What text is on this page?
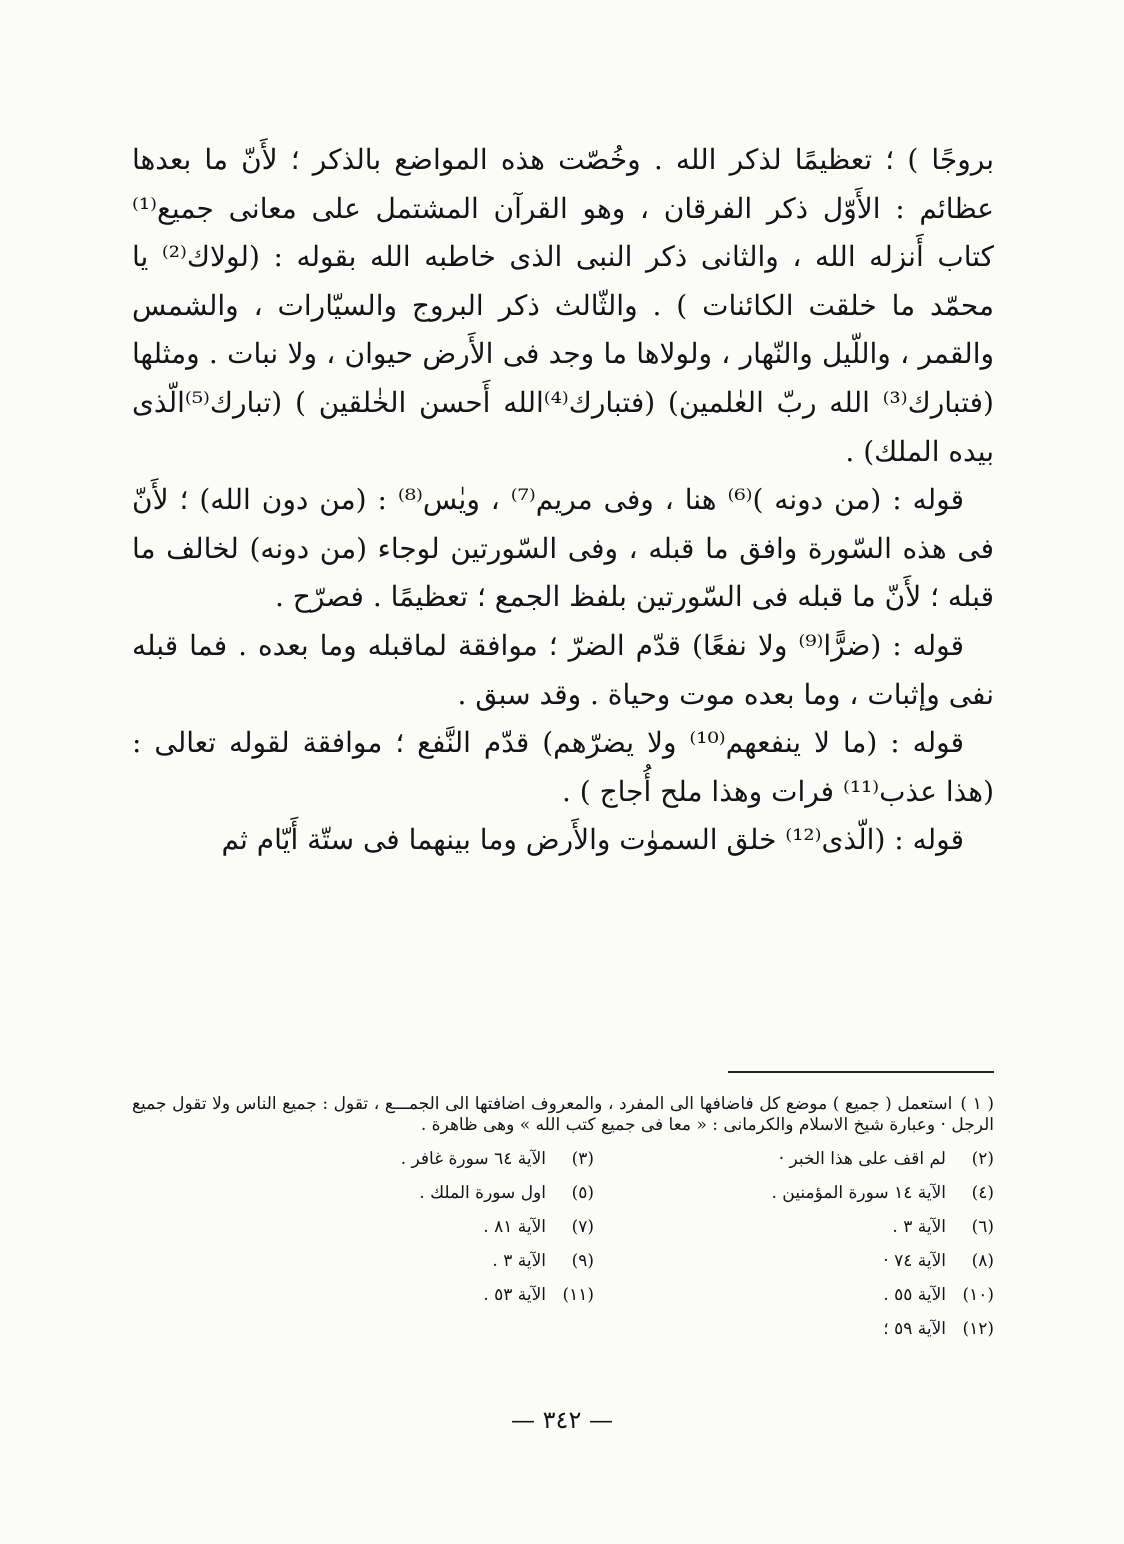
بروجًا ) ؛ تعظيمًا لذكر الله . وخُصّت هذه المواضع بالذكر ؛ لأَنّ ما بعدها عظائم : الأَوّل ذكر الفرقان ، وهو القرآن المشتمل على معانى جميع⁽¹⁾ كتاب أَنزله الله ، والثانى ذكر النبى الذى خاطبه الله بقوله : (لولاك⁽²⁾ يا محمّد ما خلقت الكائنات ) . والثّالث ذكر البروج والسيّارات ، والشمس والقمر ، واللّيل والنّهار ، ولولاها ما وجد فى الأَرض حيوان ، ولا نبات . ومثلها (فتبارك⁽³⁾ الله ربّ العٰلمين) (فتبارك⁽⁴⁾الله أَحسن الخٰلقين ) (تبارك⁽⁵⁾الّذى بيده الملك) .

قوله : (من دونه )⁽⁶⁾ هنا ، وفى مريم⁽⁷⁾ ، ويٰس⁽⁸⁾ : (من دون الله) ؛ لأَنّ فى هذه السّورة وافق ما قبله ، وفى السّورتين لوجاء (من دونه) لخالف ما قبله ؛ لأَنّ ما قبله فى السّورتين بلفظ الجمع ؛ تعظيمًا . فصرّح .

قوله : (ضرًّا⁽⁹⁾ ولا نفعًا) قدّم الضرّ ؛ موافقة لماقبله وما بعده . فما قبله نفى وإثبات ، وما بعده موت وحياة . وقد سبق .

قوله : (ما لا ينفعهم⁽¹⁰⁾ ولا يضرّهم) قدّم النَّفع ؛ موافقة لقوله تعالى : (هذا عذب⁽¹¹⁾ فرات وهذا ملح أُجاج ) .

قوله : (الّذى⁽¹²⁾ خلق السموٰت والأَرض وما بينهما فى ستّة أَيّام ثم

( ١ )استعمل ( جميع ) موضع كل فاضافها الى المفرد ، والمعروف اضافتها الى الجمـــع ، تقول : جميع الناس ولا تقول جميع الرجل · وعبارة شيخ الاسلام والكرمانى : « معا فى جميع كتب الله » وهى ظاهرة .

(٢)لم اقف على هذا الخبر ·
(٣)الآية ٦٤ سورة غافر .
(٤)الآية ١٤ سورة المؤمنين .
(٥)اول سورة الملك .
(٦)الآية ٣ .
(٧)الآية ٨١ .
(٨)الآية ٧٤ ·
(٩)الآية ٣ .
(١٠)الآية ٥٥ .
(١١)الآية ٥٣ .
(١٢)الآية ٥٩ ؛
— ٣٤٢ —
